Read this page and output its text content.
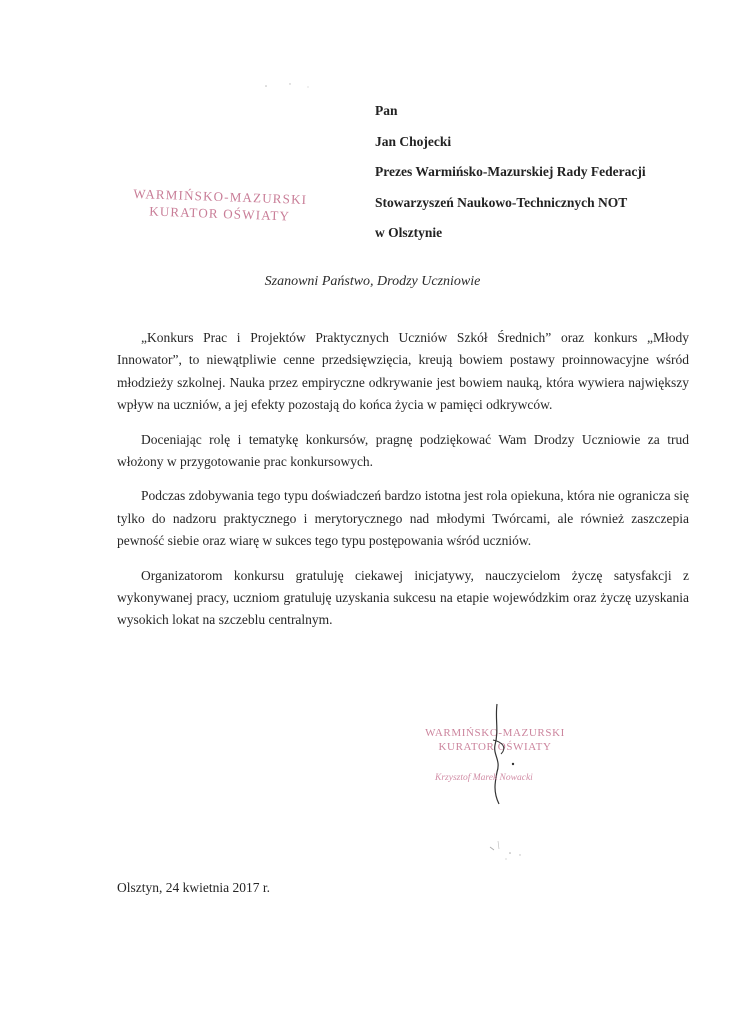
WARMIŃSKO-MAZURSKI
KURATOR OŚWIATY
Pan
Jan Chojecki
Prezes Warmińsko-Mazurskiej Rady Federacji
Stowarzyszeń Naukowo-Technicznych NOT
w Olsztynie
Szanowni Państwo, Drodzy Uczniowie

„Konkurs Prac i Projektów Praktycznych Uczniów Szkół Średnich” oraz konkurs „Młody Innowator”, to niewątpliwie cenne przedsięwzięcia, kreują bowiem postawy proinnowacyjne wśród młodzieży szkolnej. Nauka przez empiryczne odkrywanie jest bowiem nauką, która wywiera największy wpływ na uczniów, a jej efekty pozostają do końca życia w pamięci odkrywców.

Doceniając rolę i tematykę konkursów, pragnę podziękować Wam Drodzy Uczniowie za trud włożony w przygotowanie prac konkursowych.

Podczas zdobywania tego typu doświadczeń bardzo istotna jest rola opiekuna, która nie ogranicza się tylko do nadzoru praktycznego i merytorycznego nad młodymi Twórcami, ale również zaszczepia pewność siebie oraz wiarę w sukces tego typu postępowania wśród uczniów.

Organizatorom konkursu gratuluję ciekawej inicjatywy, nauczycielom życzę satysfakcji z wykonywanej pracy, uczniom gratuluję uzyskania sukcesu na etapie wojewódzkim oraz życzę uzyskania wysokich lokat na szczeblu centralnym.

WARMIŃSKO-MAZURSKI
KURATOR OŚWIATY
Krzysztof Marek Nowacki
Olsztyn, 24 kwietnia 2017 r.
